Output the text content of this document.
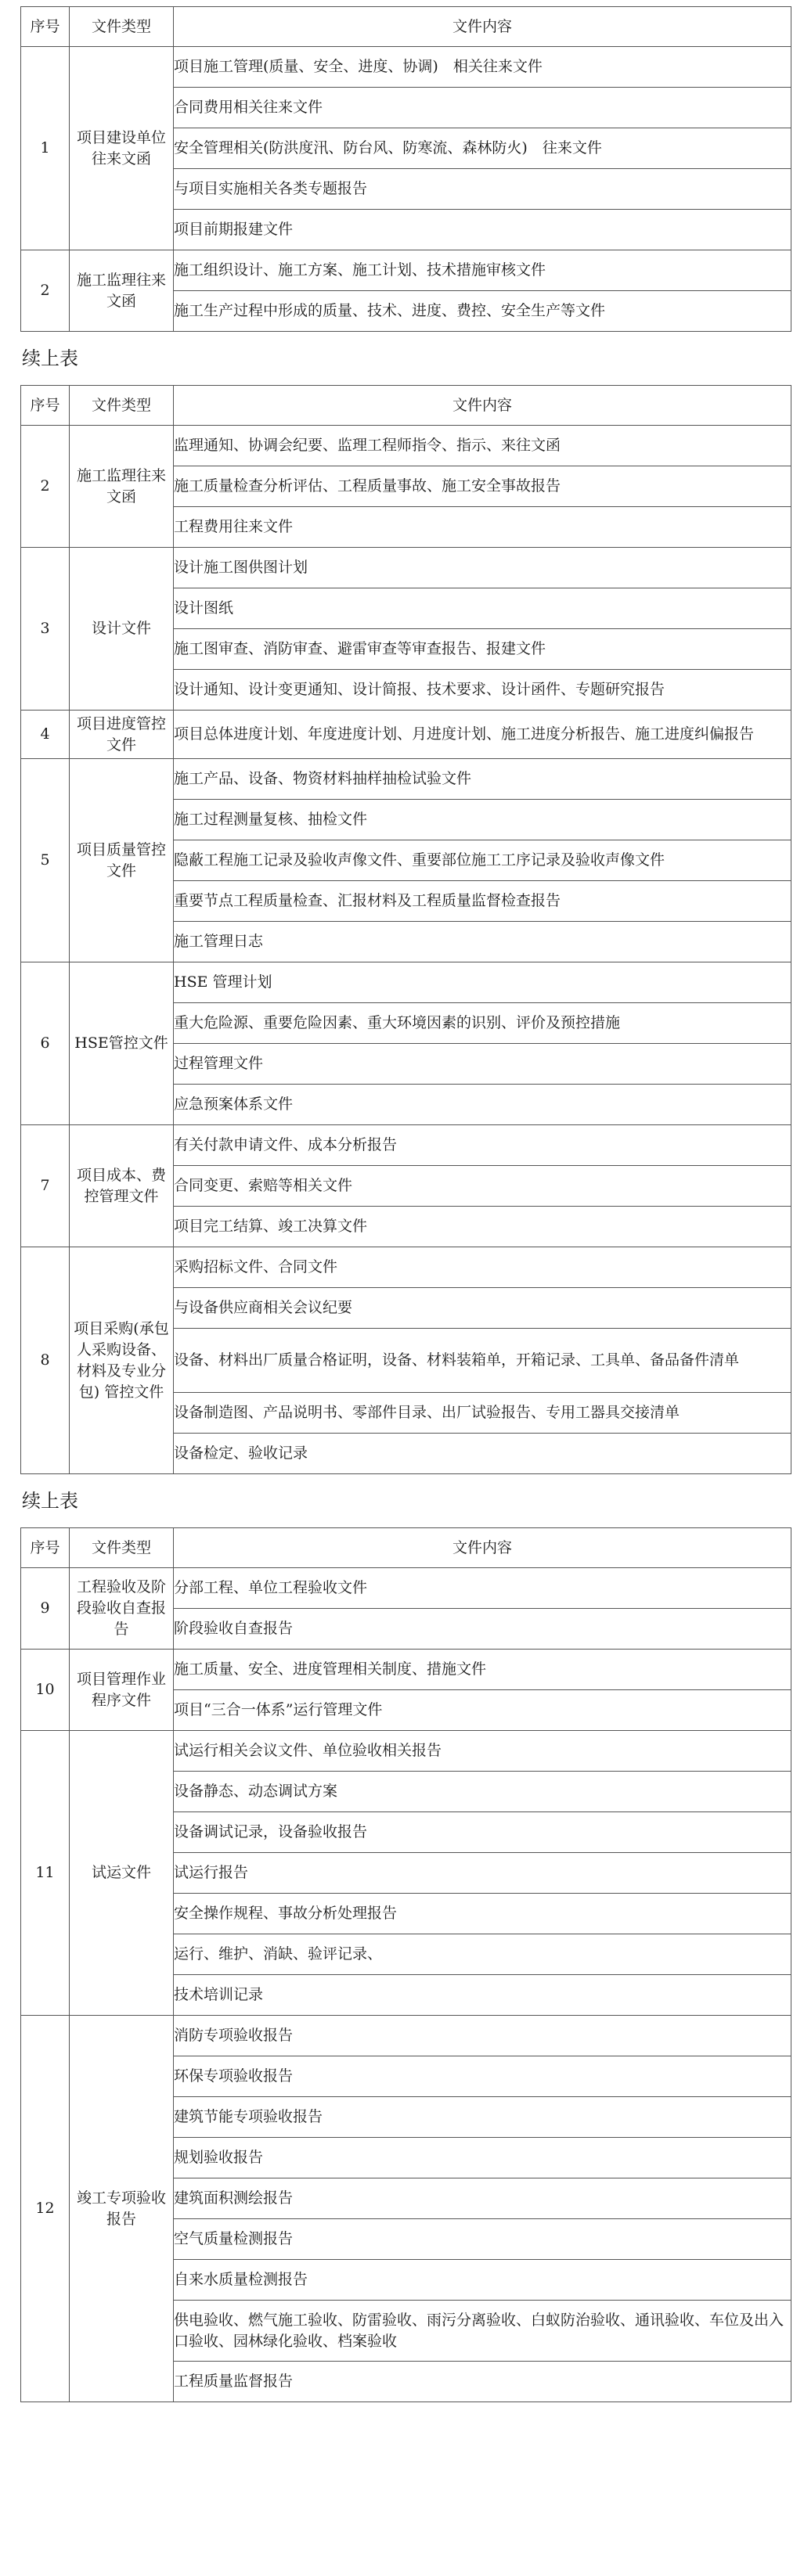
序号	文件类型	文件内容
1	项目建设单位往来文函	项目施工管理(质量、安全、进度、协调)　相关往来文件
		合同费用相关往来文件
		安全管理相关(防洪度汛、防台风、防寒流、森林防火)　往来文件
		与项目实施相关各类专题报告
		项目前期报建文件
2	施工监理往来文函	施工组织设计、施工方案、施工计划、技术措施审核文件
		施工生产过程中形成的质量、技术、进度、费控、安全生产等文件
续上表
序号	文件类型	文件内容
2	施工监理往来文函	监理通知、协调会纪要、监理工程师指令、指示、来往文函
		施工质量检查分析评估、工程质量事故、施工安全事故报告
		工程费用往来文件
3	设计文件	设计施工图供图计划
		设计图纸
		施工图审查、消防审查、避雷审查等审查报告、报建文件
		设计通知、设计变更通知、设计简报、技术要求、设计函件、专题研究报告
4	项目进度管控文件	项目总体进度计划、年度进度计划、月进度计划、施工进度分析报告、施工进度纠偏报告
5	项目质量管控文件	施工产品、设备、物资材料抽样抽检试验文件
		施工过程测量复核、抽检文件
		隐蔽工程施工记录及验收声像文件、重要部位施工工序记录及验收声像文件
		重要节点工程质量检查、汇报材料及工程质量监督检查报告
		施工管理日志
6	HSE管控文件	HSE 管理计划
		重大危险源、重要危险因素、重大环境因素的识别、评价及预控措施
		过程管理文件
		应急预案体系文件
7	项目成本、费控管理文件	有关付款申请文件、成本分析报告
		合同变更、索赔等相关文件
		项目完工结算、竣工决算文件
8	项目采购(承包人采购设备、材料及专业分包) 管控文件	采购招标文件、合同文件
		与设备供应商相关会议纪要
		设备、材料出厂质量合格证明，设备、材料装箱单，开箱记录、工具单、备品备件清单
		设备制造图、产品说明书、零部件目录、出厂试验报告、专用工器具交接清单
		设备检定、验收记录
续上表
序号	文件类型	文件内容
9	工程验收及阶段验收自查报告	分部工程、单位工程验收文件
		阶段验收自查报告
10	项目管理作业程序文件	施工质量、安全、进度管理相关制度、措施文件
		项目“三合一体系”运行管理文件
11	试运文件	试运行相关会议文件、单位验收相关报告
		设备静态、动态调试方案
		设备调试记录，设备验收报告
		试运行报告
		安全操作规程、事故分析处理报告
		运行、维护、消缺、验评记录、
		技术培训记录
12	竣工专项验收报告	消防专项验收报告
		环保专项验收报告
		建筑节能专项验收报告
		规划验收报告
		建筑面积测绘报告
		空气质量检测报告
		自来水质量检测报告
		供电验收、燃气施工验收、防雷验收、雨污分离验收、白蚁防治验收、通讯验收、车位及出入口验收、园林绿化验收、档案验收
		工程质量监督报告
